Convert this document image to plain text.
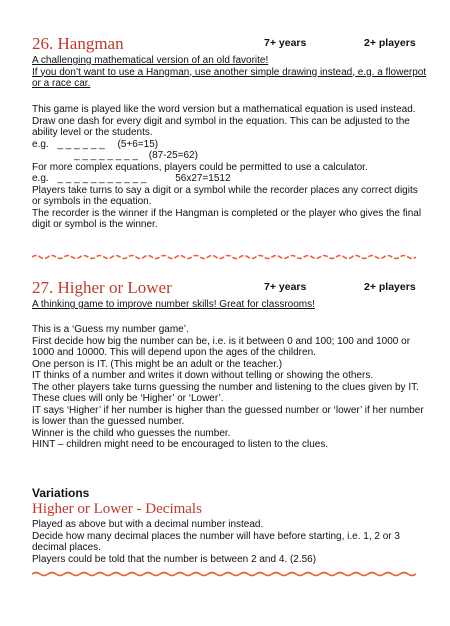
26. Hangman	7+ years	2+ players
A challenging mathematical version of an old favorite!
If you don’t want to use a Hangman, use another simple drawing instead, e.g. a flowerpot or a race car.

This game is played like the word version but a mathematical equation is used instead.

Draw one dash for every digit and symbol in the equation. This can be adjusted to the ability level or the students.

e.g. _ _ _ _ _ _ (5+6=15)

_ _ _ _ _ _ _ _ (87-25=62)

For more complex equations, players could be permitted to use a calculator.

e.g. _ _ _ _ _ _ _ _ _ _ _	56x27=1512

Players take turns to say a digit or a symbol while the recorder places any correct digits or symbols in the equation.

The recorder is the winner if the Hangman is completed or the player who gives the final digit or symbol is the winner.

27. Higher or Lower	7+ years	2+ players
A thinking game to improve number skills! Great for classrooms!

This is a ‘Guess my number game’.

First decide how big the number can be, i.e. is it between 0 and 100; 100 and 1000 or 1000 and 10000. This will depend upon the ages of the children.

One person is IT. (This might be an adult or the teacher.)

IT thinks of a number and writes it down without telling or showing the others.

The other players take turns guessing the number and listening to the clues given by IT.

These clues will only be ‘Higher’ or ‘Lower’.

IT says ‘Higher’ if her number is higher than the guessed number or ‘lower’ if her number is lower than the guessed number.

Winner is the child who guesses the number.

HINT – children might need to be encouraged to listen to the clues.

Variations
Higher or Lower - Decimals

Played as above but with a decimal number instead.

Decide how many decimal places the number will have before starting, i.e. 1, 2 or 3 decimal places.

Players could be told that the number is between 2 and 4. (2.56)
